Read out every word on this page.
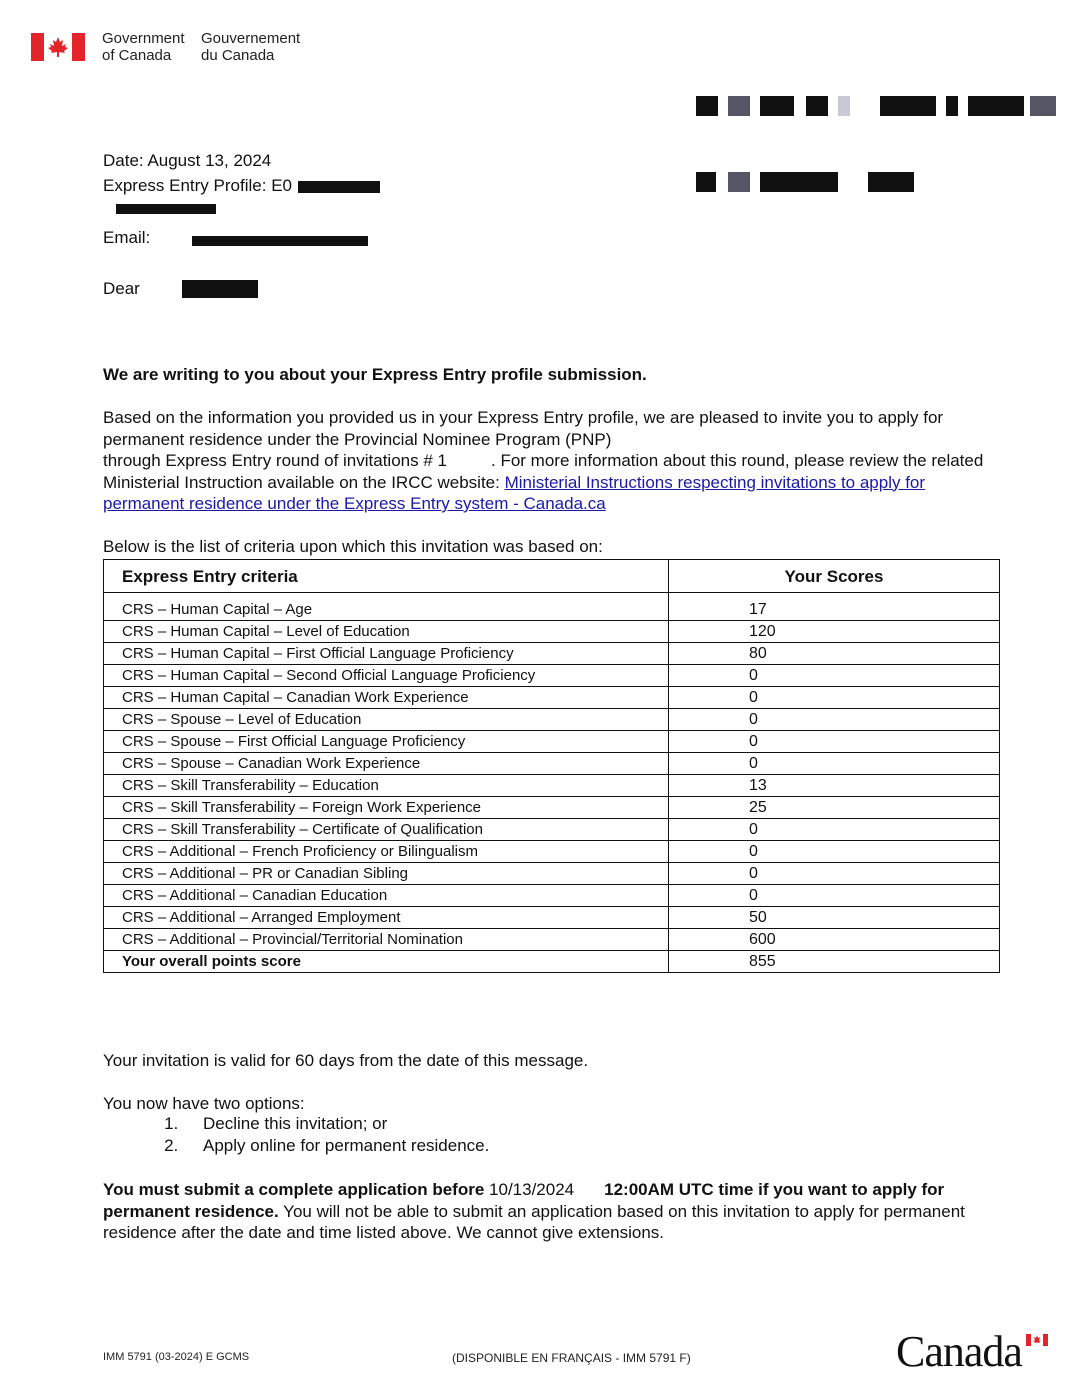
Government
of Canada
Gouvernement
du Canada
Date: August 13, 2024
Express Entry Profile: E0
Email:
Dear
We are writing to you about your Express Entry profile submission.
Based on the information you provided us in your Express Entry profile, we are pleased to invite you to apply for
permanent residence under the Provincial Nominee Program (PNP)
through Express Entry round of invitations # 1	. For more information about this round, please review the related
Ministerial Instruction available on the IRCC website: Ministerial Instructions respecting invitations to apply for
permanent residence under the Express Entry system - Canada.ca
Below is the list of criteria upon which this invitation was based on:
Express Entry criteria	Your Scores
CRS – Human Capital – Age	17
CRS – Human Capital – Level of Education	120
CRS – Human Capital – First Official Language Proficiency	80
CRS – Human Capital – Second Official Language Proficiency	0
CRS – Human Capital – Canadian Work Experience	0
CRS – Spouse – Level of Education	0
CRS – Spouse – First Official Language Proficiency	0
CRS – Spouse – Canadian Work Experience	0
CRS – Skill Transferability – Education	13
CRS – Skill Transferability – Foreign Work Experience	25
CRS – Skill Transferability – Certificate of Qualification	0
CRS – Additional – French Proficiency or Bilingualism	0
CRS – Additional – PR or Canadian Sibling	0
CRS – Additional – Canadian Education	0
CRS – Additional – Arranged Employment	50
CRS – Additional – Provincial/Territorial Nomination	600
Your overall points score	855
Your invitation is valid for 60 days from the date of this message.
You now have two options:
1. Decline this invitation; or
2. Apply online for permanent residence.
You must submit a complete application before 10/13/2024 12:00AM UTC time if you want to apply for
permanent residence. You will not be able to submit an application based on this invitation to apply for permanent
residence after the date and time listed above. We cannot give extensions.
IMM 5791 (03-2024) E GCMS	(DISPONIBLE EN FRANÇAIS - IMM 5791 F)	Canada
